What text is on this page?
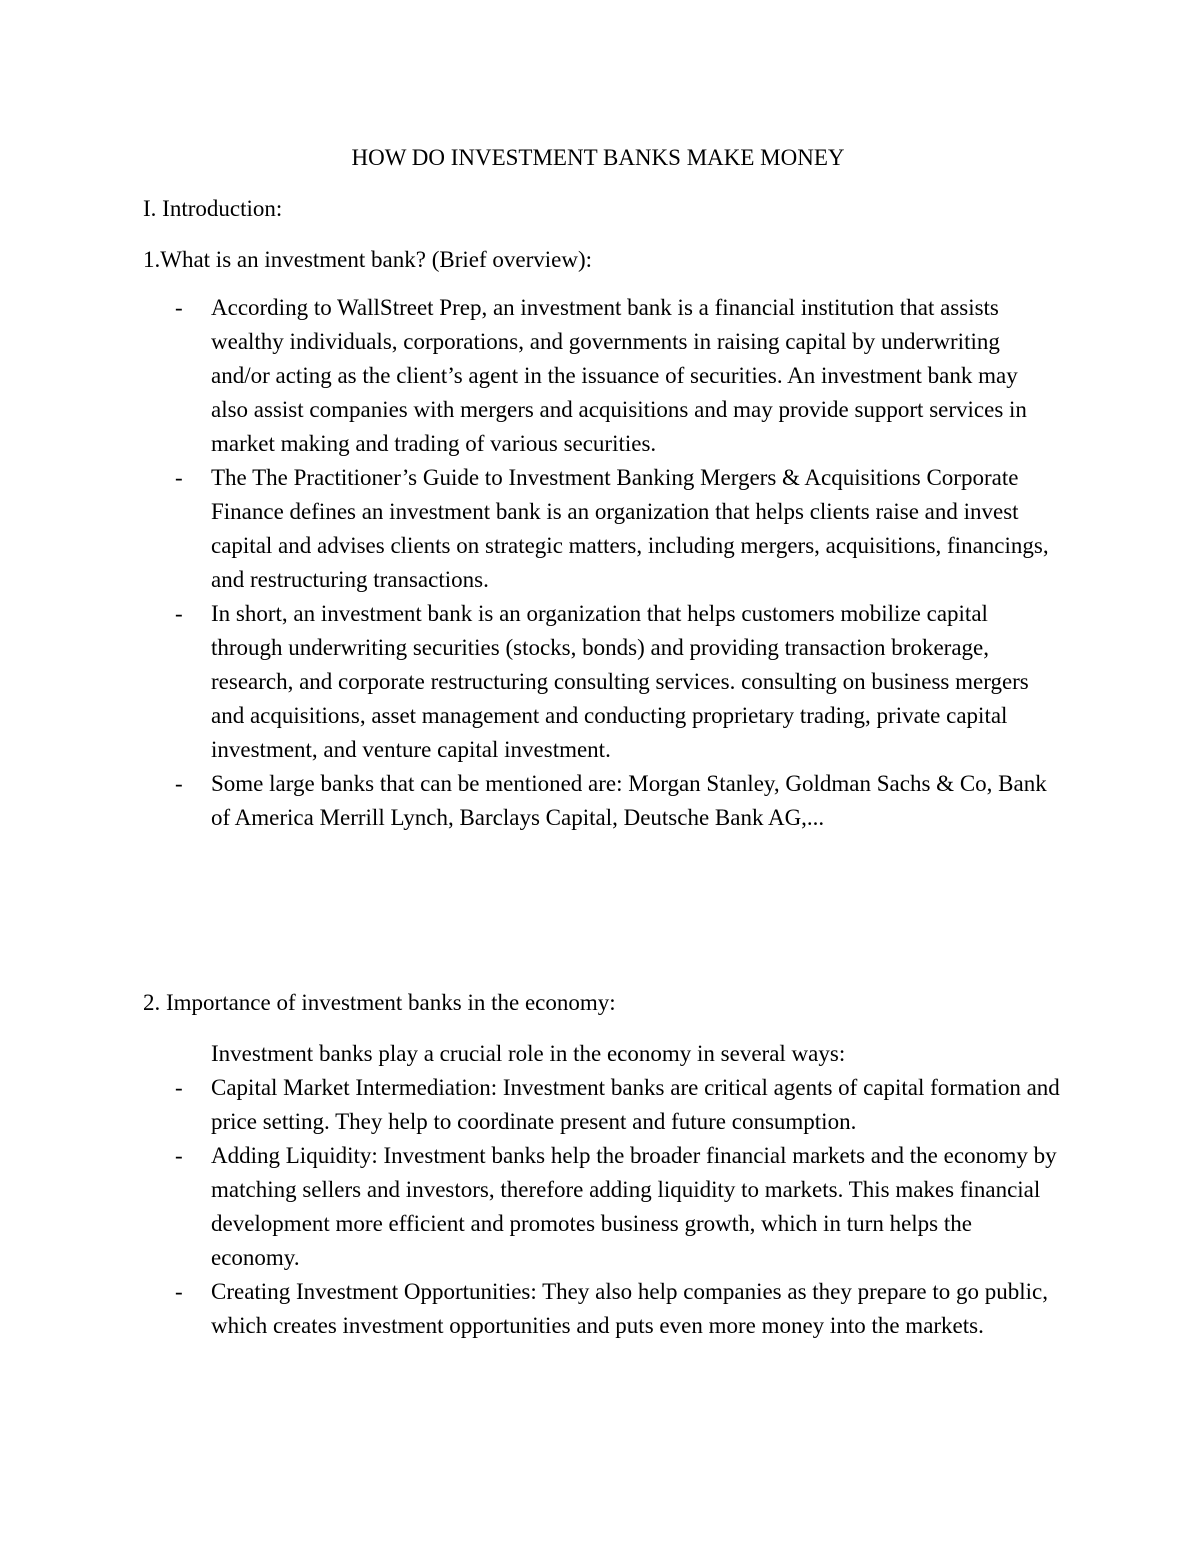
HOW DO INVESTMENT BANKS MAKE MONEY
I. Introduction:
1.What is an investment bank? (Brief overview):
- According to WallStreet Prep, an investment bank is a financial institution that assists wealthy individuals, corporations, and governments in raising capital by underwriting and/or acting as the client’s agent in the issuance of securities. An investment bank may also assist companies with mergers and acquisitions and may provide support services in market making and trading of various securities.
- The The Practitioner’s Guide to Investment Banking Mergers & Acquisitions Corporate Finance defines an investment bank is an organization that helps clients raise and invest capital and advises clients on strategic matters, including mergers, acquisitions, financings, and restructuring transactions.
- In short, an investment bank is an organization that helps customers mobilize capital through underwriting securities (stocks, bonds) and providing transaction brokerage, research, and corporate restructuring consulting services. consulting on business mergers and acquisitions, asset management and conducting proprietary trading, private capital investment, and venture capital investment.
- Some large banks that can be mentioned are: Morgan Stanley, Goldman Sachs & Co, Bank of America Merrill Lynch, Barclays Capital, Deutsche Bank AG,...
2. Importance of investment banks in the economy:
Investment banks play a crucial role in the economy in several ways:
- Capital Market Intermediation: Investment banks are critical agents of capital formation and price setting. They help to coordinate present and future consumption.
- Adding Liquidity: Investment banks help the broader financial markets and the economy by matching sellers and investors, therefore adding liquidity to markets. This makes financial development more efficient and promotes business growth, which in turn helps the economy.
- Creating Investment Opportunities: They also help companies as they prepare to go public, which creates investment opportunities and puts even more money into the markets.
